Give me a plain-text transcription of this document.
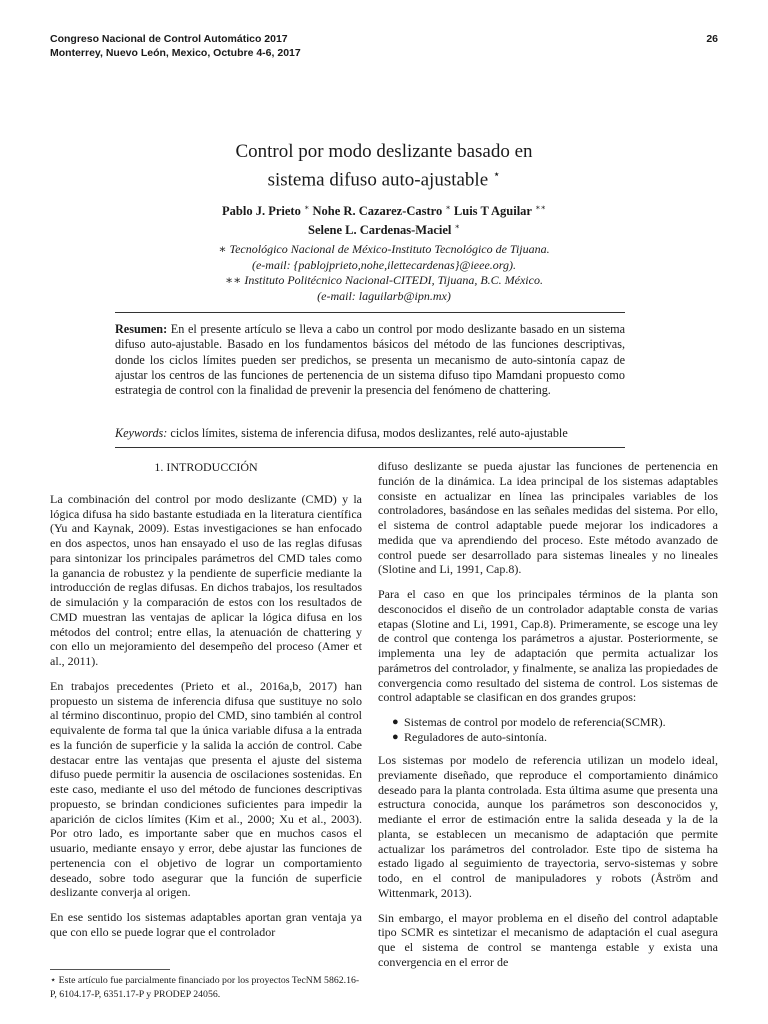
Congreso Nacional de Control Automático 2017
Monterrey, Nuevo León, Mexico, Octubre 4-6, 2017
26
Control por modo deslizante basado en
sistema difuso auto-ajustable ⋆
Pablo J. Prieto ∗ Nohe R. Cazarez-Castro ∗ Luis T Aguilar ∗∗
Selene L. Cardenas-Maciel ∗
∗ Tecnológico Nacional de México-Instituto Tecnológico de Tijuana.
(e-mail: {pablojprieto,nohe,ilettecardenas}@ieee.org).
∗∗ Instituto Politécnico Nacional-CITEDI, Tijuana, B.C. México.
(e-mail: laguilarb@ipn.mx)
Resumen: En el presente artículo se lleva a cabo un control por modo deslizante basado en un sistema difuso auto-ajustable. Basado en los fundamentos básicos del método de las funciones descriptivas, donde los ciclos límites pueden ser predichos, se presenta un mecanismo de auto-sintonía capaz de ajustar los centros de las funciones de pertenencia de un sistema difuso tipo Mamdani propuesto como estrategia de control con la finalidad de prevenir la presencia del fenómeno de chattering.
Keywords: ciclos límites, sistema de inferencia difusa, modos deslizantes, relé auto-ajustable
1. INTRODUCCIÓN

La combinación del control por modo deslizante (CMD) y la lógica difusa ha sido bastante estudiada en la literatura científica (Yu and Kaynak, 2009). Estas investigaciones se han enfocado en dos aspectos, unos han ensayado el uso de las reglas difusas para sintonizar los principales parámetros del CMD tales como la ganancia de robustez y la pendiente de superficie mediante la introducción de reglas difusas. En dichos trabajos, los resultados de simulación y la comparación de estos con los resultados de CMD muestran las ventajas de aplicar la lógica difusa en los métodos del control; entre ellas, la atenuación de chattering y con ello un mejoramiento del desempeño del proceso (Amer et al., 2011).

En trabajos precedentes (Prieto et al., 2016a,b, 2017) han propuesto un sistema de inferencia difusa que sustituye no solo al término discontinuo, propio del CMD, sino también al control equivalente de forma tal que la única variable difusa a la entrada es la función de superficie y la salida la acción de control. Cabe destacar entre las ventajas que presenta el ajuste del sistema difuso puede permitir la ausencia de oscilaciones sostenidas. En este caso, mediante el uso del método de funciones descriptivas propuesto, se brindan condiciones suficientes para impedir la aparición de ciclos límites (Kim et al., 2000; Xu et al., 2003). Por otro lado, es importante saber que en muchos casos el usuario, mediante ensayo y error, debe ajustar las funciones de pertenencia con el objetivo de lograr un comportamiento deseado, sobre todo asegurar que la función de superficie deslizante converja al origen.

En ese sentido los sistemas adaptables aportan gran ventaja ya que con ello se puede lograr que el controlador

difuso deslizante se pueda ajustar las funciones de pertenencia en función de la dinámica. La idea principal de los sistemas adaptables consiste en actualizar en línea las principales variables de los controladores, basándose en las señales medidas del sistema. Por ello, el sistema de control adaptable puede mejorar los indicadores a medida que va aprendiendo del proceso. Este método avanzado de control puede ser desarrollado para sistemas lineales y no lineales (Slotine and Li, 1991, Cap.8).

Para el caso en que los principales términos de la planta son desconocidos el diseño de un controlador adaptable consta de varias etapas (Slotine and Li, 1991, Cap.8). Primeramente, se escoge una ley de control que contenga los parámetros a ajustar. Posteriormente, se implementa una ley de adaptación que permita actualizar los parámetros del controlador, y finalmente, se analiza las propiedades de convergencia como resultado del sistema de control. Los sistemas de control adaptable se clasifican en dos grandes grupos:

● Sistemas de control por modelo de referencia(SCMR).
● Reguladores de auto-sintonía.

Los sistemas por modelo de referencia utilizan un modelo ideal, previamente diseñado, que reproduce el comportamiento dinámico deseado para la planta controlada. Esta última asume que presenta una estructura conocida, aunque los parámetros son desconocidos y, mediante el error de estimación entre la salida deseada y la de la planta, se establecen un mecanismo de adaptación que permite actualizar los parámetros del controlador. Este tipo de sistema ha estado ligado al seguimiento de trayectoria, servo-sistemas y sobre todo, en el control de manipuladores y robots (Åström and Wittenmark, 2013).

Sin embargo, el mayor problema en el diseño del control adaptable tipo SCMR es sintetizar el mecanismo de adaptación el cual asegura que el sistema de control se mantenga estable y exista una convergencia en el error de

⋆ Este artículo fue parcialmente financiado por los proyectos TecNM 5862.16-P, 6104.17-P, 6351.17-P y PRODEP 24056.
